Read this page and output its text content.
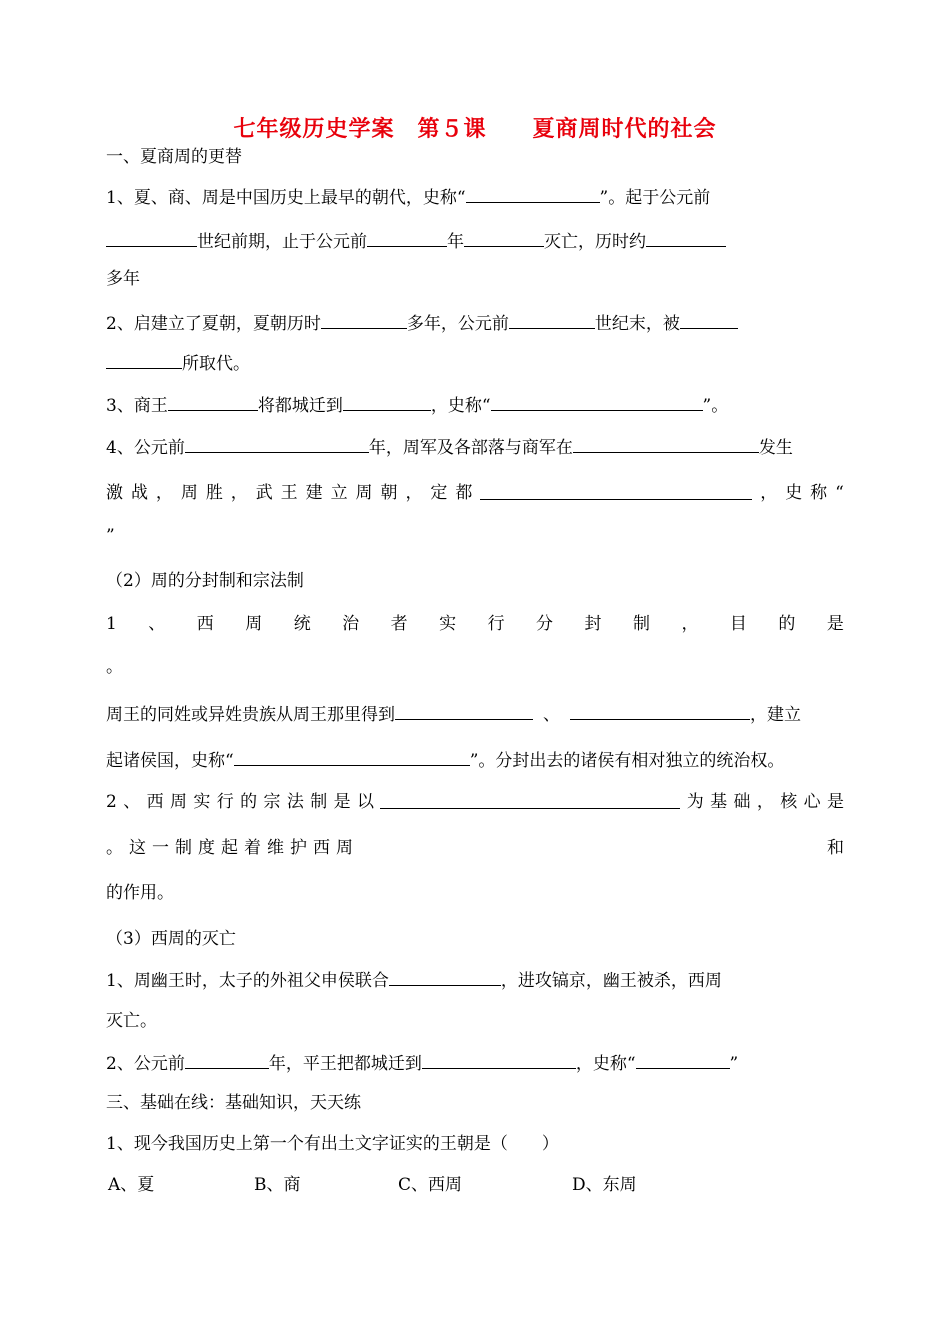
七年级历史学案　第５课　　夏商周时代的社会
一、夏商周的更替
1、夏、商、周是中国历史上最早的朝代，史称“	”。起于公元前
世纪前期，止于公元前	年	灭亡，历时约
多年
2、启建立了夏朝，夏朝历时	多年，公元前	世纪末，被
所取代。
3、商王	将都城迁到	，史称“	”。
4、公元前	年，周军及各部落与商军在	发生
激 战 ， 周 胜 ， 武 王 建 立 周 朝 ， 定 都	， 史 称 “
”
（2）周的分封制和宗法制
1 、 西 周 统 治 者 实 行 分 封 制 ， 目 的 是
。
周王的同姓或异姓贵族从周王那里得到	、	，建立
起诸侯国，史称“	”。分封出去的诸侯有相对独立的统治权。
2 、 西 周 实 行 的 宗 法 制 是 以	为 基 础 ， 核 心 是
。 这 一 制 度 起 着 维 护 西 周	和
的作用。
（3）西周的灭亡
1、周幽王时，太子的外祖父申侯联合	，进攻镐京，幽王被杀，西周
灭亡。
2、公元前	年，平王把都城迁到	，史称“	”
三、基础在线：基础知识，天天练
1、现今我国历史上第一个有出土文字证实的王朝是（　　）
A、夏	B、商	C、西周	D、东周
